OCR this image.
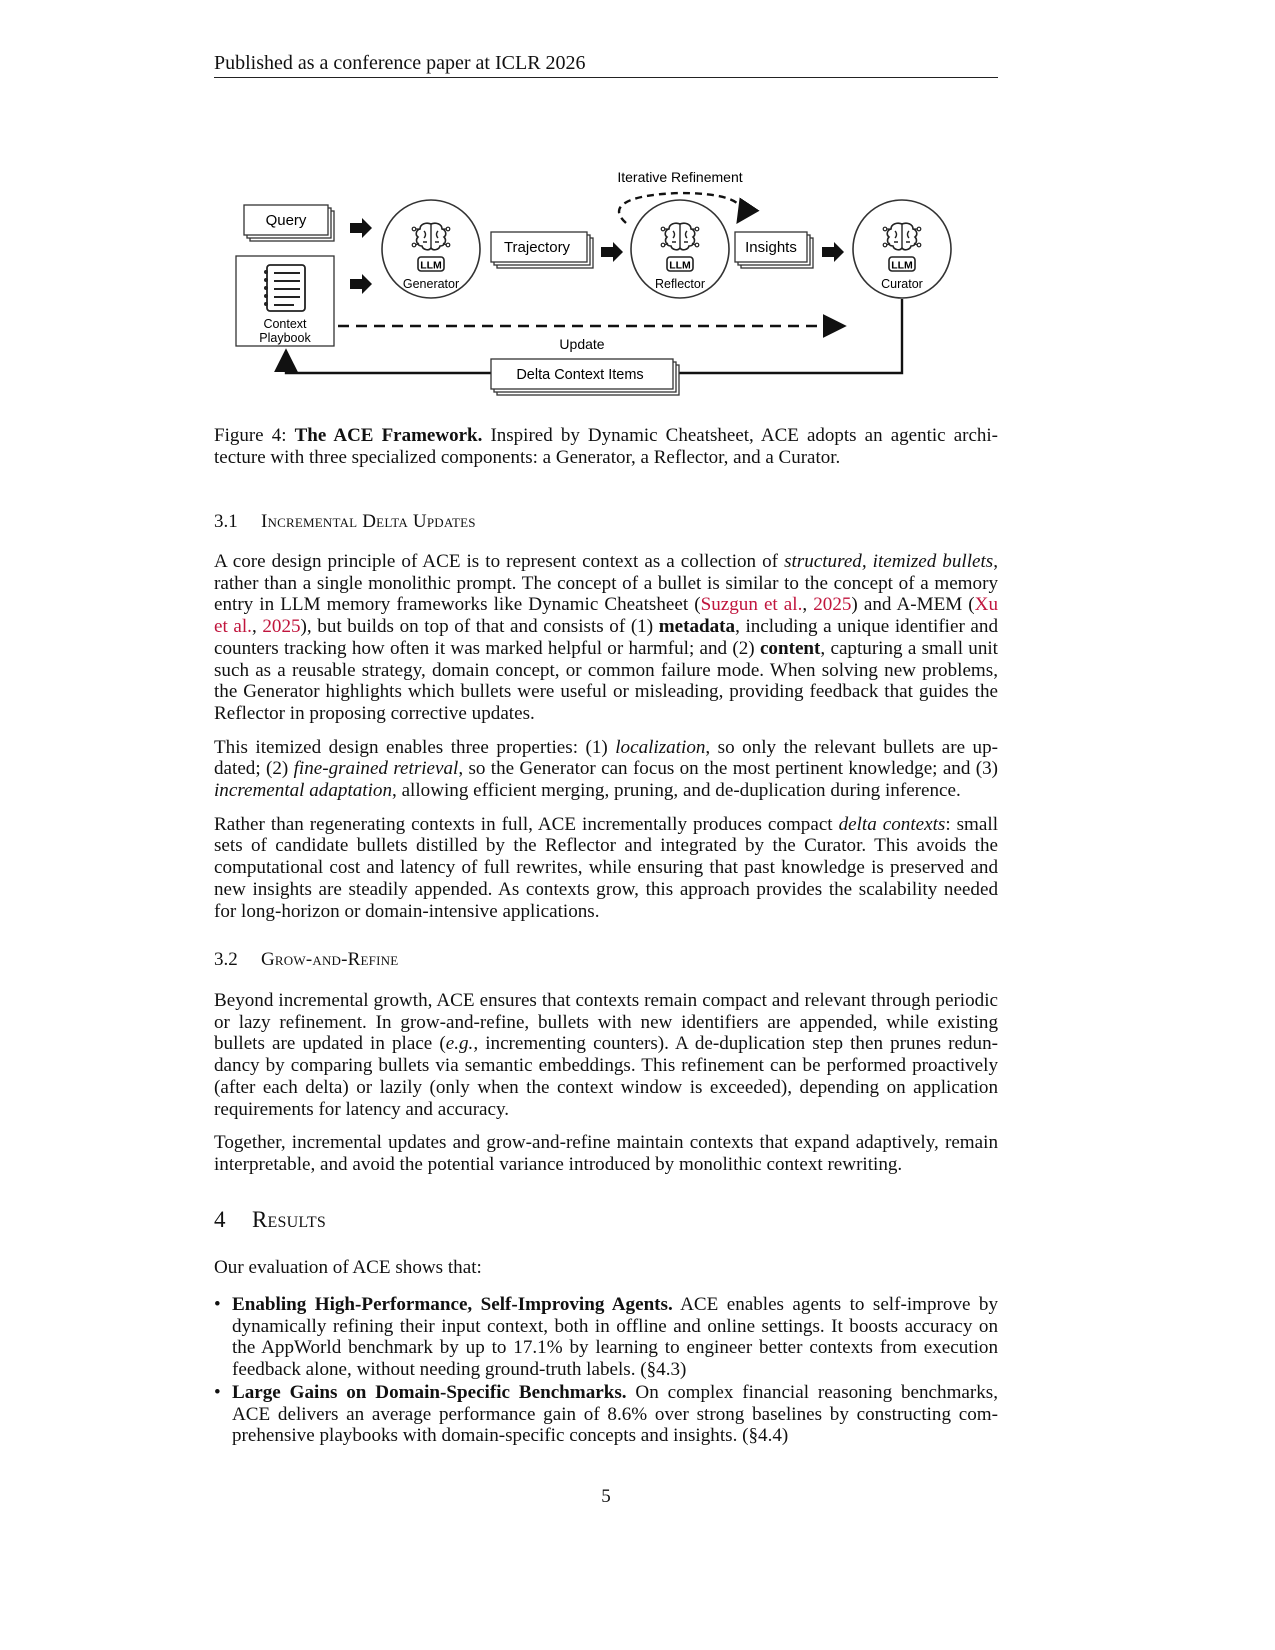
Published as a conference paper at ICLR 2026
Query
Context
Playbook
LLM
Generator
Trajectory
LLM
Reflector
Iterative Refinement
Insights
LLM
Curator
Update
Delta Context Items
Figure 4: The ACE Framework. Inspired by Dynamic Cheatsheet, ACE adopts an agentic architecture with three specialized components: a Generator, a Reflector, and a Curator.
3.1 Incremental Delta Updates

A core design principle of ACE is to represent context as a collection of structured, itemized bullets, rather than a single monolithic prompt. The concept of a bullet is similar to the concept of a memory entry in LLM memory frameworks like Dynamic Cheatsheet (Suzgun et al., 2025) and A-MEM (Xu et al., 2025), but builds on top of that and consists of (1) metadata, including a unique identifier and counters tracking how often it was marked helpful or harmful; and (2) content, capturing a small unit such as a reusable strategy, domain concept, or common failure mode. When solving new problems, the Generator highlights which bullets were useful or misleading, providing feedback that guides the Reflector in proposing corrective updates.

This itemized design enables three properties: (1) localization, so only the relevant bullets are updated; (2) fine-grained retrieval, so the Generator can focus on the most pertinent knowledge; and (3) incremental adaptation, allowing efficient merging, pruning, and de-duplication during inference.

Rather than regenerating contexts in full, ACE incrementally produces compact delta contexts: small sets of candidate bullets distilled by the Reflector and integrated by the Curator. This avoids the computational cost and latency of full rewrites, while ensuring that past knowledge is preserved and new insights are steadily appended. As contexts grow, this approach provides the scalability needed for long-horizon or domain-intensive applications.

3.2 Grow-and-Refine

Beyond incremental growth, ACE ensures that contexts remain compact and relevant through periodic or lazy refinement. In grow-and-refine, bullets with new identifiers are appended, while existing bullets are updated in place (e.g., incrementing counters). A de-duplication step then prunes redundancy by comparing bullets via semantic embeddings. This refinement can be performed proactively (after each delta) or lazily (only when the context window is exceeded), depending on application requirements for latency and accuracy.

Together, incremental updates and grow-and-refine maintain contexts that expand adaptively, remain interpretable, and avoid the potential variance introduced by monolithic context rewriting.

4 Results

Our evaluation of ACE shows that:

• Enabling High-Performance, Self-Improving Agents. ACE enables agents to self-improve by dynamically refining their input context, both in offline and online settings. It boosts accuracy on the AppWorld benchmark by up to 17.1% by learning to engineer better contexts from execution feedback alone, without needing ground-truth labels. (§4.3)
• Large Gains on Domain-Specific Benchmarks. On complex financial reasoning benchmarks, ACE delivers an average performance gain of 8.6% over strong baselines by constructing comprehensive playbooks with domain-specific concepts and insights. (§4.4)
5
